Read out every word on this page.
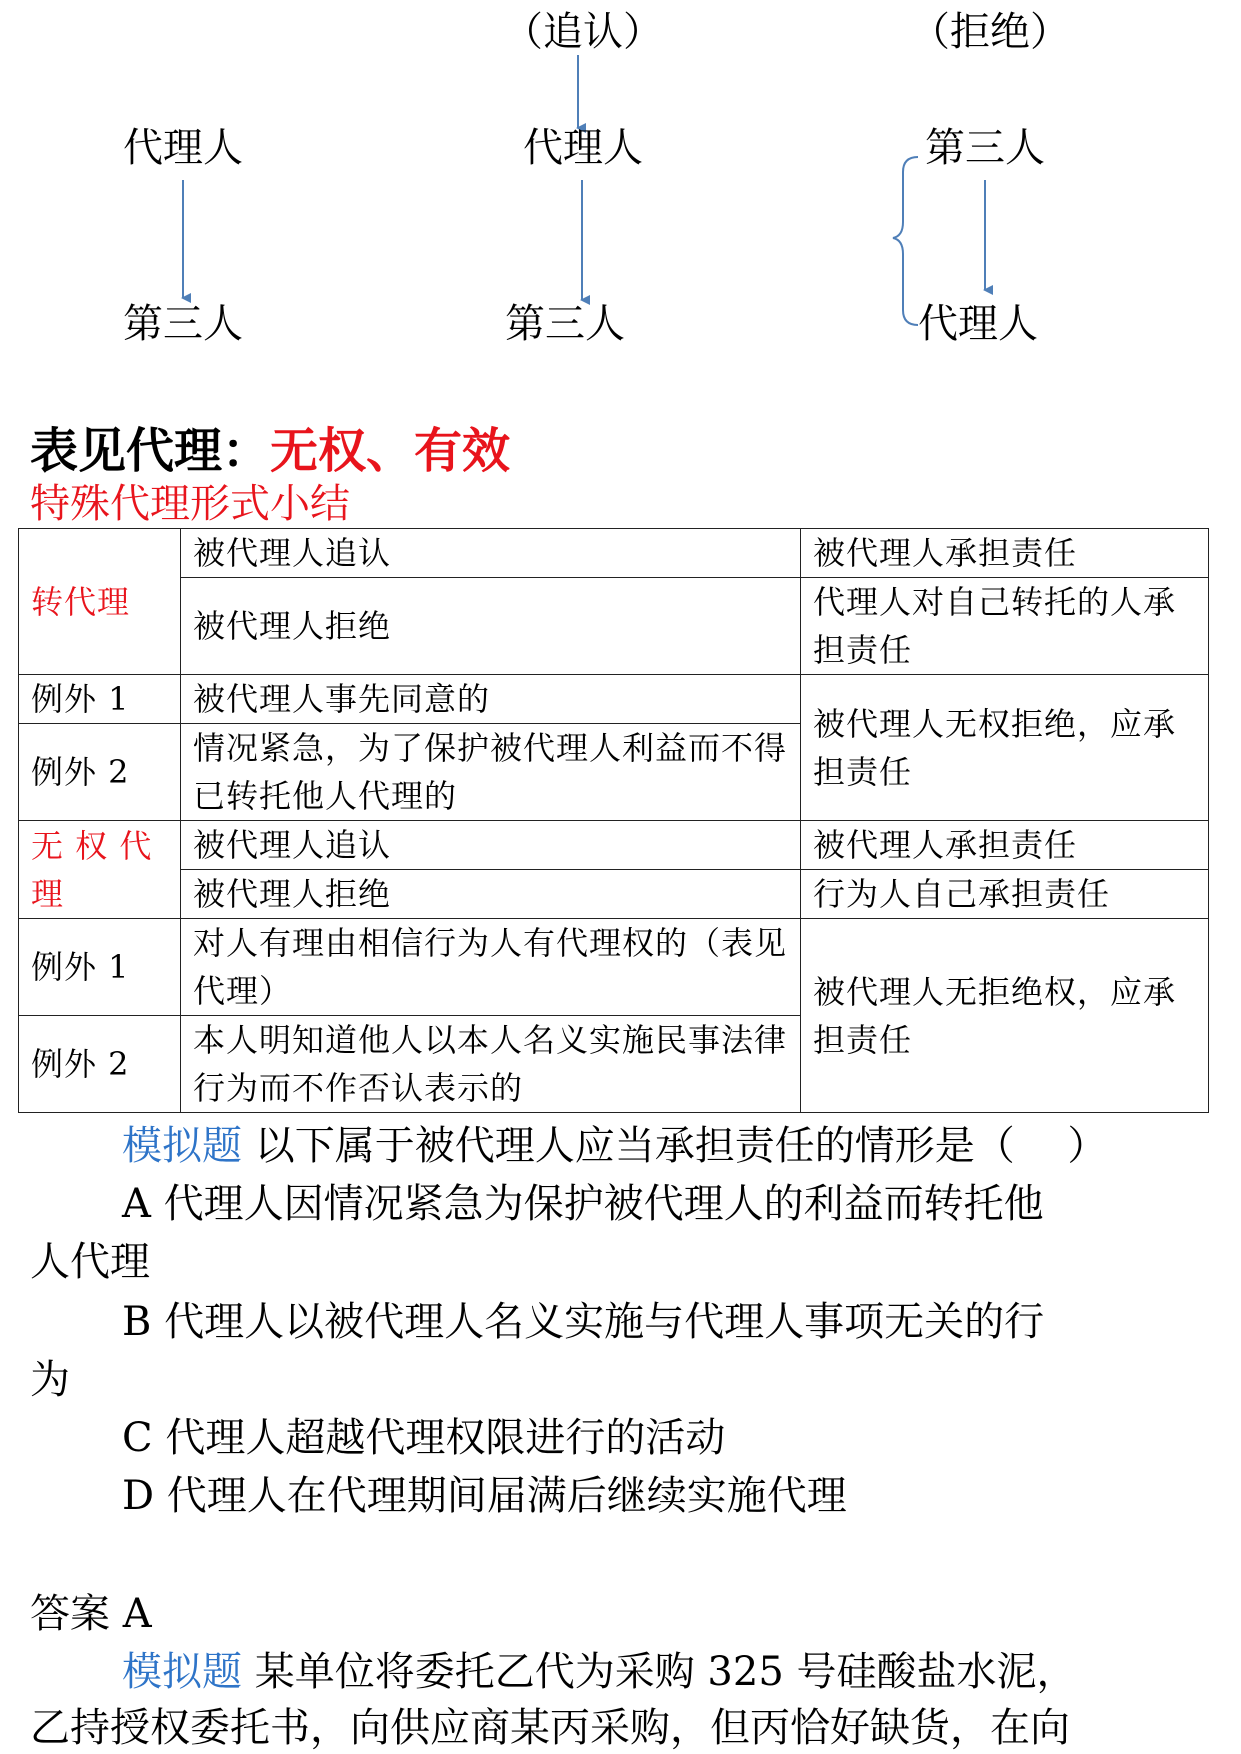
代理人
第三人
（追认）
代理人
第三人
（拒绝）
第三人
代理人
表见代理：无权、有效
特殊代理形式小结
转代理	被代理人追认	被代理人承担责任
	被代理人拒绝	代理人对自己转托的人承担责任
例外 1	被代理人事先同意的	被代理人无权拒绝，应承担责任
例外 2	情况紧急，为了保护被代理人利益而不得已转托他人代理的	
无 权 代 理	被代理人追认	被代理人承担责任
	被代理人拒绝	行为人自己承担责任
例外 1	对人有理由相信行为人有代理权的（表见代理）	被代理人无拒绝权，应承担责任
例外 2	本人明知道他人以本人名义实施民事法律行为而不作否认表示的	
模拟题 以下属于被代理人应当承担责任的情形是（　 ）
A 代理人因情况紧急为保护被代理人的利益而转托他
人代理
B 代理人以被代理人名义实施与代理人事项无关的行
为
C 代理人超越代理权限进行的活动
D 代理人在代理期间届满后继续实施代理
答案 A
模拟题 某单位将委托乙代为采购 325 号硅酸盐水泥，
乙持授权委托书，向供应商某丙采购，但丙恰好缺货，在向
